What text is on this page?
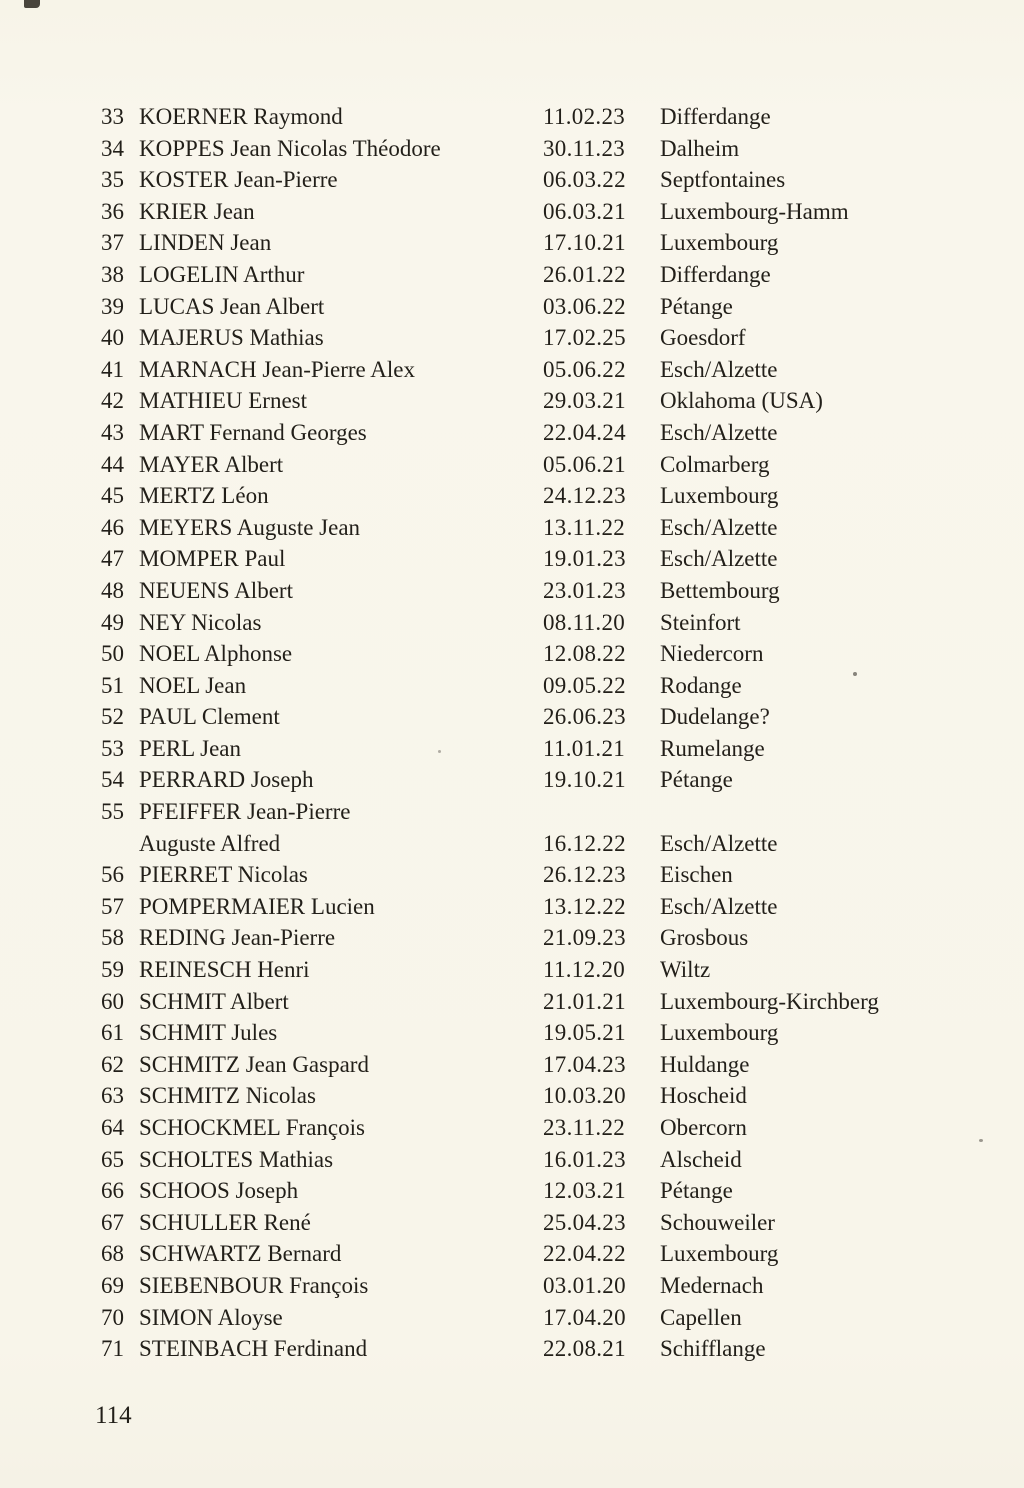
33 KOERNER Raymond	11.02.23	Differdange
34 KOPPES Jean Nicolas Théodore	30.11.23	Dalheim
35 KOSTER Jean-Pierre	06.03.22	Septfontaines
36 KRIER Jean	06.03.21	Luxembourg-Hamm
37 LINDEN Jean	17.10.21	Luxembourg
38 LOGELIN Arthur	26.01.22	Differdange
39 LUCAS Jean Albert	03.06.22	Pétange
40 MAJERUS Mathias	17.02.25	Goesdorf
41 MARNACH Jean-Pierre Alex	05.06.22	Esch/Alzette
42 MATHIEU Ernest	29.03.21	Oklahoma (USA)
43 MART Fernand Georges	22.04.24	Esch/Alzette
44 MAYER Albert	05.06.21	Colmarberg
45 MERTZ Léon	24.12.23	Luxembourg
46 MEYERS Auguste Jean	13.11.22	Esch/Alzette
47 MOMPER Paul	19.01.23	Esch/Alzette
48 NEUENS Albert	23.01.23	Bettembourg
49 NEY Nicolas	08.11.20	Steinfort
50 NOEL Alphonse	12.08.22	Niedercorn
51 NOEL Jean	09.05.22	Rodange
52 PAUL Clement	26.06.23	Dudelange?
53 PERL Jean	11.01.21	Rumelange
54 PERRARD Joseph	19.10.21	Pétange
55 PFEIFFER Jean-Pierre
Auguste Alfred	16.12.22	Esch/Alzette
56 PIERRET Nicolas	26.12.23	Eischen
57 POMPERMAIER Lucien	13.12.22	Esch/Alzette
58 REDING Jean-Pierre	21.09.23	Grosbous
59 REINESCH Henri	11.12.20	Wiltz
60 SCHMIT Albert	21.01.21	Luxembourg-Kirchberg
61 SCHMIT Jules	19.05.21	Luxembourg
62 SCHMITZ Jean Gaspard	17.04.23	Huldange
63 SCHMITZ Nicolas	10.03.20	Hoscheid
64 SCHOCKMEL François	23.11.22	Obercorn
65 SCHOLTES Mathias	16.01.23	Alscheid
66 SCHOOS Joseph	12.03.21	Pétange
67 SCHULLER René	25.04.23	Schouweiler
68 SCHWARTZ Bernard	22.04.22	Luxembourg
69 SIEBENBOUR François	03.01.20	Medernach
70 SIMON Aloyse	17.04.20	Capellen
71 STEINBACH Ferdinand	22.08.21	Schifflange
114
